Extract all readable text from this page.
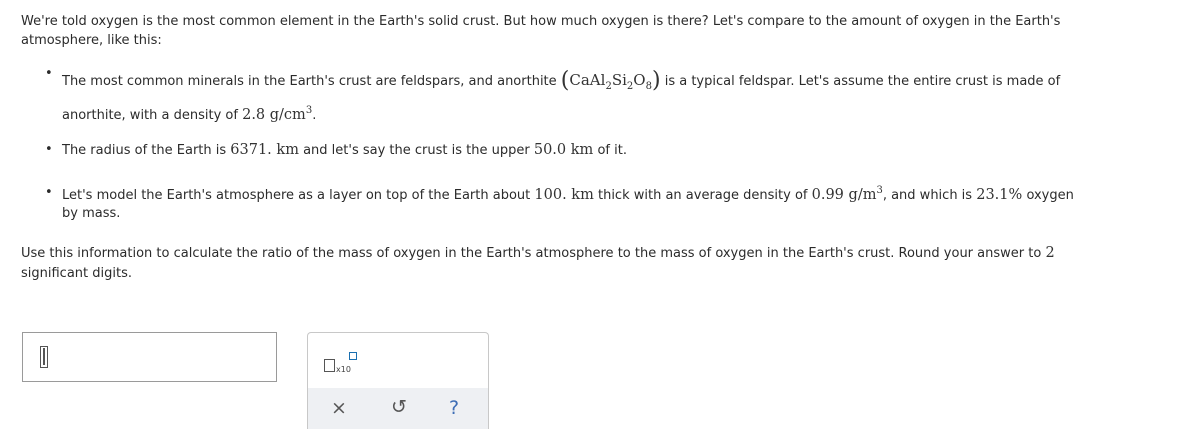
We're told oxygen is the most common element in the Earth's solid crust. But how much oxygen is there? Let's compare to the amount of oxygen in the Earth's
atmosphere, like this:
•
The most common minerals in the Earth's crust are feldspars, and anorthite $(CaAl_2Si_2O_8)$ is a typical feldspar. Let's assume the entire crust is made of
anorthite, with a density of 2.8 $g/cm^3$.
• The radius of the Earth is 6371. km and let's say the crust is the upper 50.0 km of it.
• Let's model the Earth's atmosphere as a layer on top of the Earth about 100. km thick with an average density of 0.99 $g/m^3$, and which is 23.1% oxygen
by mass.
Use this information to calculate the ratio of the mass of oxygen in the Earth's atmosphere to the mass of oxygen in the Earth's crust. Round your answer to 2
significant digits.
x10
× ↺ ?
